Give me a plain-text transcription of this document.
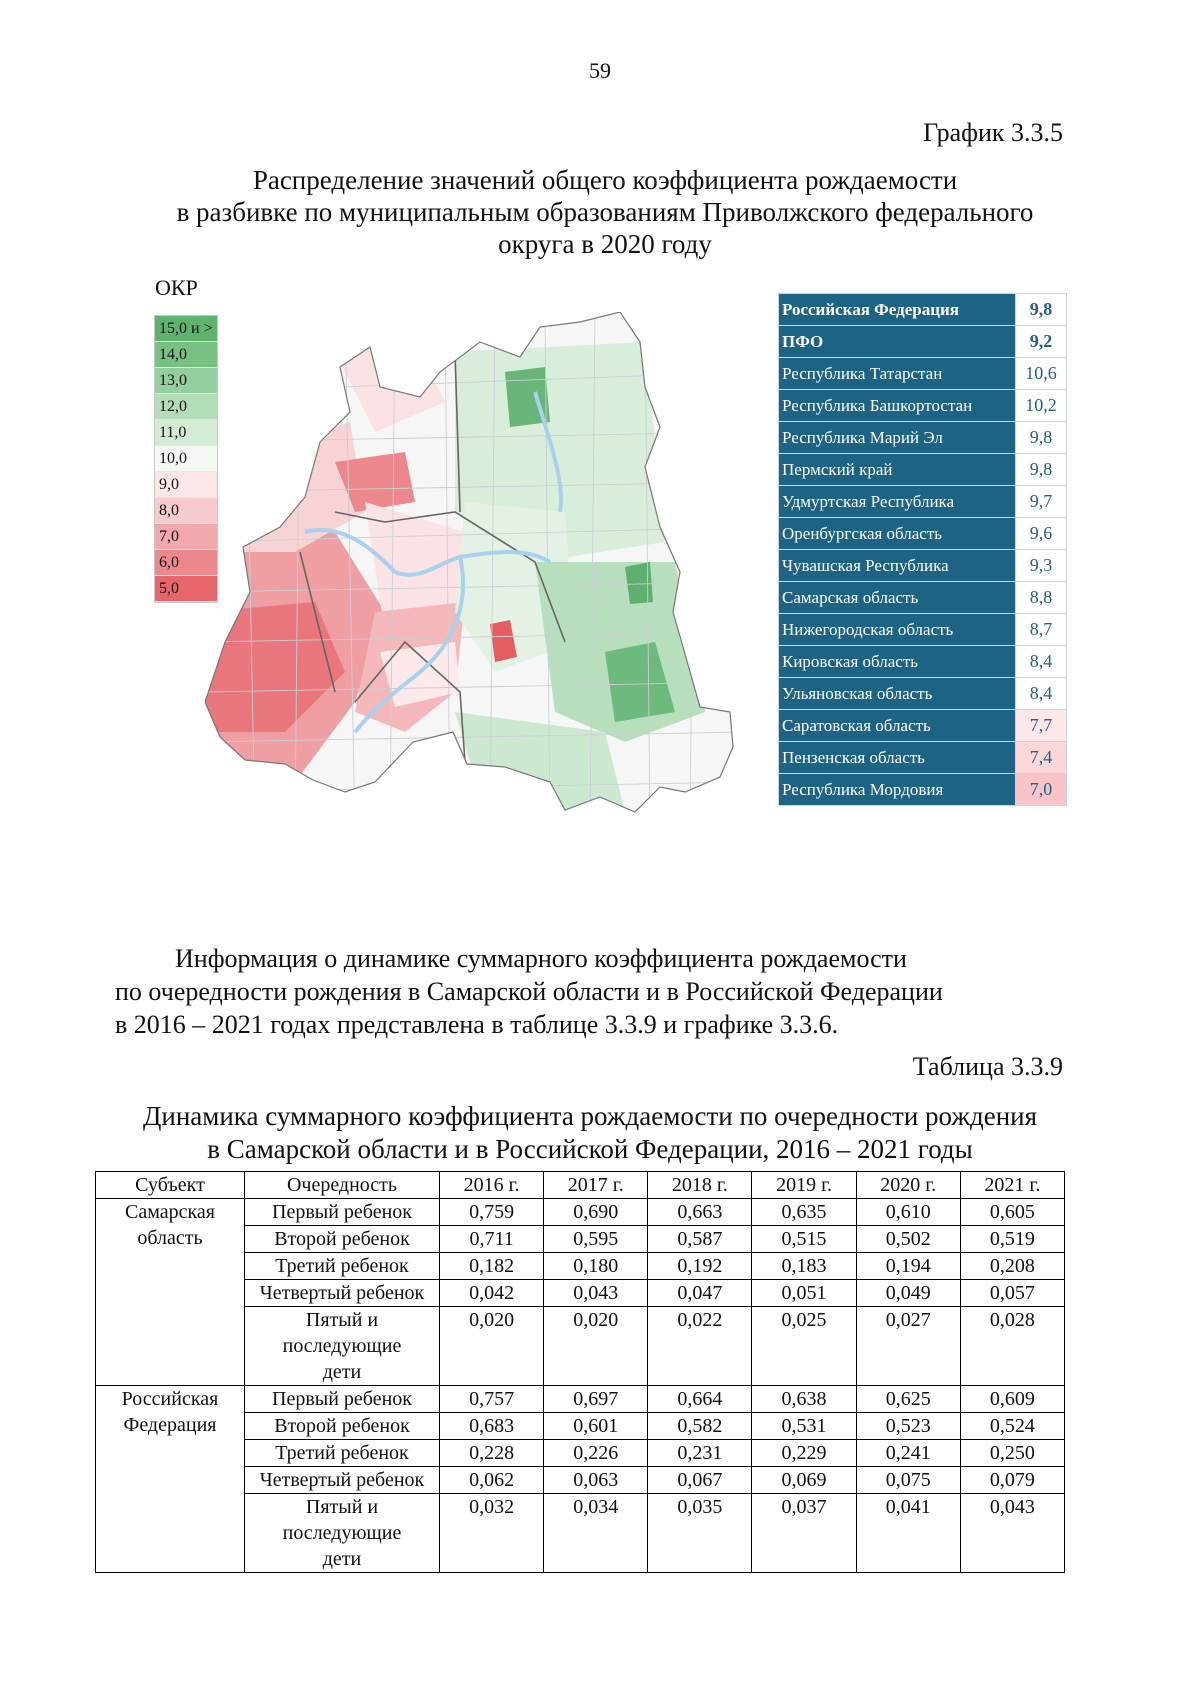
59
График 3.3.5
Распределение значений общего коэффициента рождаемости
в разбивке по муниципальным образованиям Приволжского федерального
округа в 2020 году
ОКР
15,0 и >
14,0
13,0
12,0
11,0
10,0
9,0
8,0
7,0
6,0
5,0
Российская Федерация	9,8
ПФО	9,2
Республика Татарстан	10,6
Республика Башкортостан	10,2
Республика Марий Эл	9,8
Пермский край	9,8
Удмуртская Республика	9,7
Оренбургская область	9,6
Чувашская Республика	9,3
Самарская область	8,8
Нижегородская область	8,7
Кировская область	8,4
Ульяновская область	8,4
Саратовская область	7,7
Пензенская область	7,4
Республика Мордовия	7,0

Информация о динамике суммарного коэффициента рождаемости

по очередности рождения в Самарской области и в Российской Федерации

в 2016 – 2021 годах представлена в таблице 3.3.9 и графике 3.3.6.

Таблица 3.3.9
Динамика суммарного коэффициента рождаемости по очередности рождения
в Самарской области и в Российской Федерации, 2016 – 2021 годы
Субъект	Очередность	2016 г.	2017 г.	2018 г.	2019 г.	2020 г.	2021 г.
Самарская область	Первый ребенок	0,759	0,690	0,663	0,635	0,610	0,605
	Второй ребенок	0,711	0,595	0,587	0,515	0,502	0,519
	Третий ребенок	0,182	0,180	0,192	0,183	0,194	0,208
	Четвертый ребенок	0,042	0,043	0,047	0,051	0,049	0,057
	Пятый и последующие дети	0,020	0,020	0,022	0,025	0,027	0,028
Российская Федерация	Первый ребенок	0,757	0,697	0,664	0,638	0,625	0,609
	Второй ребенок	0,683	0,601	0,582	0,531	0,523	0,524
	Третий ребенок	0,228	0,226	0,231	0,229	0,241	0,250
	Четвертый ребенок	0,062	0,063	0,067	0,069	0,075	0,079
	Пятый и последующие дети	0,032	0,034	0,035	0,037	0,041	0,043
